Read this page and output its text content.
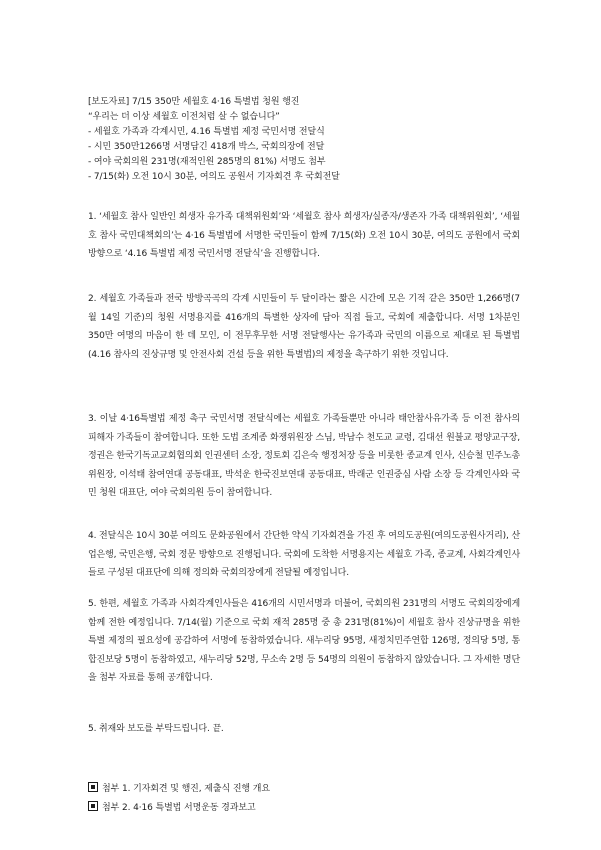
[보도자료] 7/15 350만 세월호 4·16 특별법 청원 행진
“우리는 더 이상 세월호 이전처럼 살 수 없습니다”
- 세월호 가족과 각계시민, 4.16 특별법 제정 국민서명 전달식
- 시민 350만1266명 서명담긴 418개 박스, 국회의장에 전달
- 여야 국회의원 231명(재적인원 285명의 81%) 서명도 첨부
- 7/15(화) 오전 10시 30분, 여의도 공원서 기자회견 후 국회전달
1. ‘세월호 참사 일반인 희생자 유가족 대책위원회’와 ‘세월호 참사 희생자/실종자/생존자 가족 대책위원회’, ‘세월호 참사 국민대책회의’는 4·16 특별법에 서명한 국민들이 함께 7/15(화) 오전 10시 30분, 여의도 공원에서 국회 방향으로 ‘4.16 특별법 제정 국민서명 전달식’을 진행합니다.
2. 세월호 가족들과 전국 방방곡곡의 각계 시민들이 두 달이라는 짧은 시간에 모은 기적 같은 350만 1,266명(7월 14일 기준)의 청원 서명용지를 416개의 특별한 상자에 담아 직접 들고, 국회에 제출합니다. 서명 1차분인 350만 여명의 마음이 한 데 모인, 이 전무후무한 서명 전달행사는 유가족과 국민의 이름으로 제대로 된 특별법(4.16 참사의 진상규명 및 안전사회 건설 등을 위한 특별법)의 제정을 촉구하기 위한 것입니다.
3. 이날 4·16특별법 제정 촉구 국민서명 전달식에는 세월호 가족들뿐만 아니라 태안참사유가족 등 이전 참사의 피해자 가족들이 참여합니다. 또한 도법 조계종 화쟁위원장 스님, 박남수 천도교 교령, 김대선 원불교 평양교구장, 정권은 한국기독교교회협의회 인권센터 소장, 정토회 김은숙 행정처장 등을 비롯한 종교계 인사, 신승철 민주노총 위원장, 이석태 참여연대 공동대표, 박석운 한국진보연대 공동대표, 박래군 인권중심 사람 소장 등 각계인사와 국민 청원 대표단, 여야 국회의원 등이 참여합니다.
4. 전달식은 10시 30분 여의도 문화공원에서 간단한 약식 기자회견을 가진 후 여의도공원(여의도공원사거리), 산업은행, 국민은행, 국회 정문 방향으로 진행됩니다. 국회에 도착한 서명용지는 세월호 가족, 종교계, 사회각계인사들로 구성된 대표단에 의해 정의화 국회의장에게 전달될 예정입니다.
5. 한편, 세월호 가족과 사회각계인사들은 416개의 시민서명과 더불어, 국회의원 231명의 서명도 국회의장에게 함께 전한 예정입니다. 7/14(월) 기준으로 국회 재적 285명 중 총 231명(81%)이 세월호 참사 진상규명을 위한 특별 제정의 필요성에 공감하여 서명에 동참하였습니다. 새누리당 95명, 새정치민주연합 126명, 정의당 5명, 통합진보당 5명이 동참하였고, 새누리당 52명, 무소속 2명 등 54명의 의원이 동참하지 않았습니다. 그 자세한 명단을 첨부 자료를 통해 공개합니다.
5. 취재와 보도를 부탁드립니다. 끝.
첨부 1. 기자회견 및 행진, 제출식 진행 개요
첨부 2. 4·16 특별법 서명운동 경과보고
